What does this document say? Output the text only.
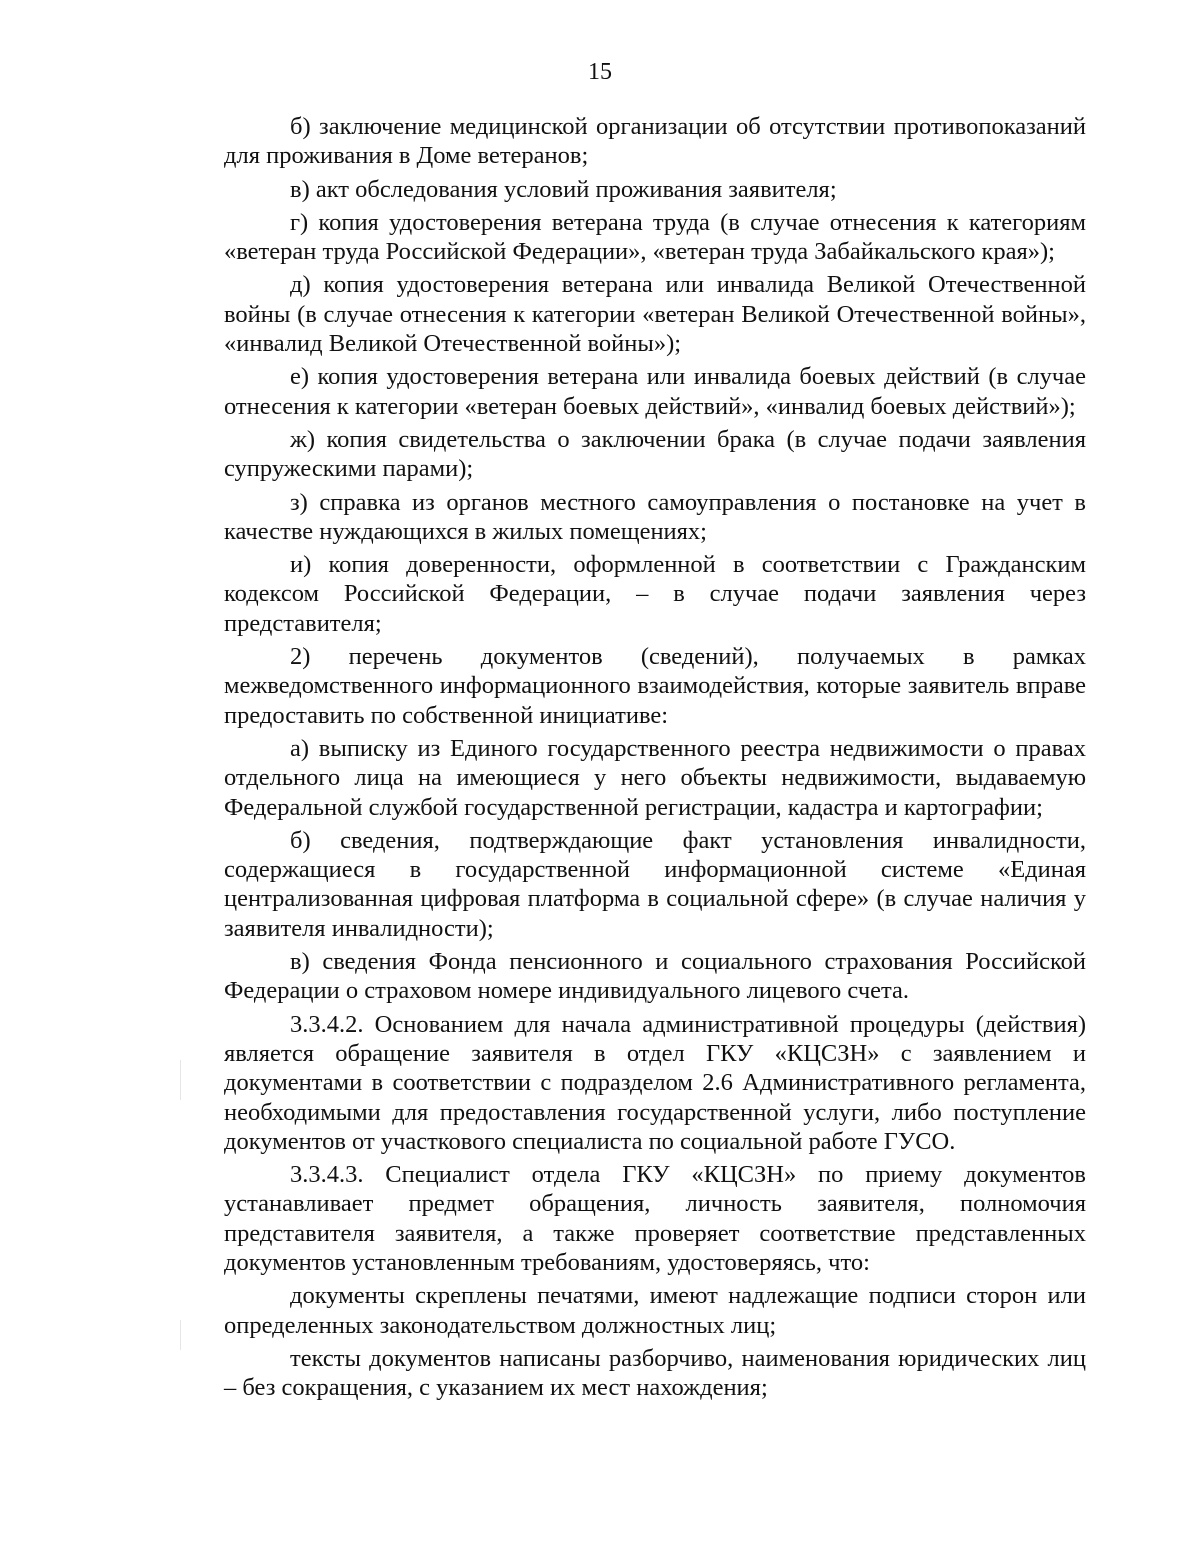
15

б) заключение медицинской организации об отсутствии противопоказаний для проживания в Доме ветеранов;

в) акт обследования условий проживания заявителя;

г) копия удостоверения ветерана труда (в случае отнесения к категориям «ветеран труда Российской Федерации», «ветеран труда Забайкальского края»);

д) копия удостоверения ветерана или инвалида Великой Отечественной войны (в случае отнесения к категории «ветеран Великой Отечественной войны», «инвалид Великой Отечественной войны»);

е) копия удостоверения ветерана или инвалида боевых действий (в случае отнесения к категории «ветеран боевых действий», «инвалид боевых действий»);

ж) копия свидетельства о заключении брака (в случае подачи заявления супружескими парами);

з) справка из органов местного самоуправления о постановке на учет в качестве нуждающихся в жилых помещениях;

и) копия доверенности, оформленной в соответствии с Гражданским кодексом Российской Федерации, – в случае подачи заявления через представителя;

2) перечень документов (сведений), получаемых в рамках межведомственного информационного взаимодействия, которые заявитель вправе предоставить по собственной инициативе:

а) выписку из Единого государственного реестра недвижимости о правах отдельного лица на имеющиеся у него объекты недвижимости, выдаваемую Федеральной службой государственной регистрации, кадастра и картографии;

б) сведения, подтверждающие факт установления инвалидности, содержащиеся в государственной информационной системе «Единая централизованная цифровая платформа в социальной сфере» (в случае наличия у заявителя инвалидности);

в) сведения Фонда пенсионного и социального страхования Российской Федерации о страховом номере индивидуального лицевого счета.

3.3.4.2. Основанием для начала административной процедуры (действия) является обращение заявителя в отдел ГКУ «КЦСЗН» с заявлением и документами в соответствии с подразделом 2.6 Административного регламента, необходимыми для предоставления государственной услуги, либо поступление документов от участкового специалиста по социальной работе ГУСО.

3.3.4.3. Специалист отдела ГКУ «КЦСЗН» по приему документов устанавливает предмет обращения, личность заявителя, полномочия представителя заявителя, а также проверяет соответствие представленных документов установленным требованиям, удостоверяясь, что:

документы скреплены печатями, имеют надлежащие подписи сторон или определенных законодательством должностных лиц;

тексты документов написаны разборчиво, наименования юридических лиц – без сокращения, с указанием их мест нахождения;
